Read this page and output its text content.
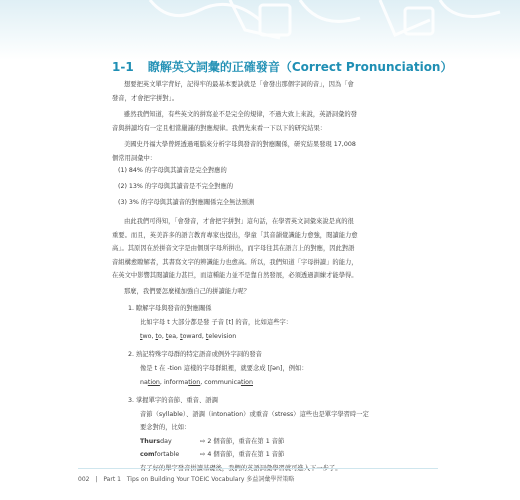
1-1 瞭解英文詞彙的正確發音（Correct Pronunciation）
想要把英文單字背好，記得牢的最基本要訣就是「會發出那個字詞的音」，因為「會
發音，才會把字拼對」。
雖然我們知道，有些英文的拼寫並不是完全的規律，不過大致上來說，英語詞彙的發
音與拼讀均有一定且相當嚴謹的對應規律。我們先來看一下以下的研究結果：
美國史丹福大學曾經透過電腦來分析字母與發音的對應關係，研究結果發現 17,008
個常用詞彙中：
(1) 84% 的字母與其讀音是完全對應的
(2) 13% 的字母與其讀音是不完全對應的
(3) 3% 的字母與其讀音的對應關係完全無法預測
由此我們可得知，「會發音，才會把字拼對」這句話，在學習英文詞彙來說是真的很
重要。而且，英美許多的語言教育專家也提出，學童「其音韻覺識能力愈強，閱讀能力愈
高」。其原因在於拼音文字是由個別字母所拼出，而字母往其在語言上的對應，因此對語
音組構愈瞭解者，其書寫文字的辨識能力也愈高。所以，我們知道「字母拼讀」的能力，
在英文中影響其閱讀能力甚巨，而這種能力並不是靠自然發展，必須透過訓練才能學得。
那麼，我們要怎麼樣加強自己的拼讀能力呢？
1. 瞭解字母與發音的對應關係
比如字母 t 大部分都是發 子音 [t] 的音，比如這些字：
two, to, tea, toward, television
2. 熟記特殊字母群的特定語音或例外字詞的發音
像是 t 在 -tion 這樣的字母群組裡，就要念成 [ʃən]，例如：
nation, information, communication
3. 掌握單字的音節、重音、語調
音節（syllable）、語調（intonation）或重音（stress）這些也是單字學習時一定
要念對的，比如：
Thursday	⇨ 2 個音節，重音在第 1 音節
comfortable	⇨ 4 個音節，重音在第 1 音節
002 | Part 1 Tips on Building Your TOEIC Vocabulary 多益詞彙學習策略
